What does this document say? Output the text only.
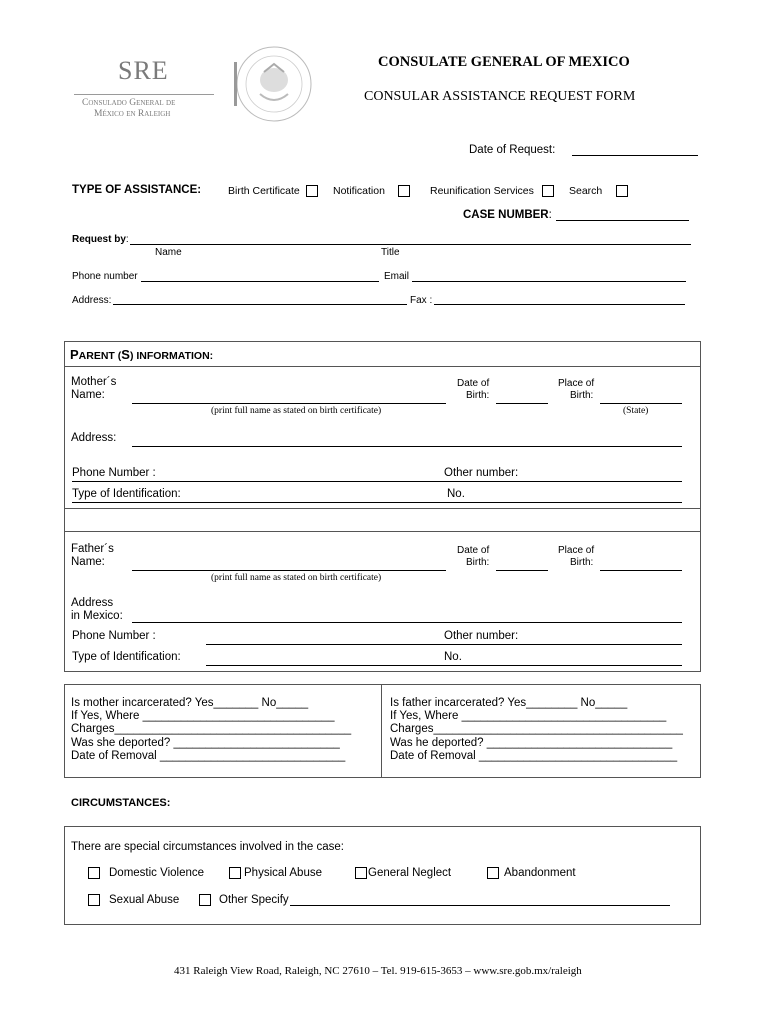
SRE
Consulado General de
México en Raleigh
CONSULATE GENERAL OF MEXICO
CONSULAR ASSISTANCE REQUEST FORM
Date of Request:
TYPE OF ASSISTANCE:	Birth Certificate	Notification	Reunification Services	Search
CASE NUMBER:
Request by:
Name	Title
Phone number	Email
Address:	Fax :
PARENT (S) INFORMATION:
Mother´s
Name:
(print full name as stated on birth certificate)
Date of
Birth:
Place of
Birth:
(State)
Address:
Phone Number :	Other number:
Type of Identification:	No.
Father´s
Name:
(print full name as stated on birth certificate)
Date of
Birth:
Place of
Birth:
Address
in Mexico:
Phone Number :	Other number:
Type of Identification:	No.
Is mother incarcerated? Yes_______ No_____
If Yes, Where ______________________________
Charges_____________________________________
Was she deported? __________________________
Date of Removal _____________________________
Is father incarcerated? Yes________ No_____
If Yes, Where ________________________________
Charges_______________________________________
Was he deported? _____________________________
Date of Removal _______________________________
CIRCUMSTANCES:
There are special circumstances involved in the case:
Domestic Violence	Physical Abuse	General Neglect	Abandonment
Sexual Abuse	Other Specify
431 Raleigh View Road, Raleigh, NC 27610 – Tel. 919-615-3653 – www.sre.gob.mx/raleigh
